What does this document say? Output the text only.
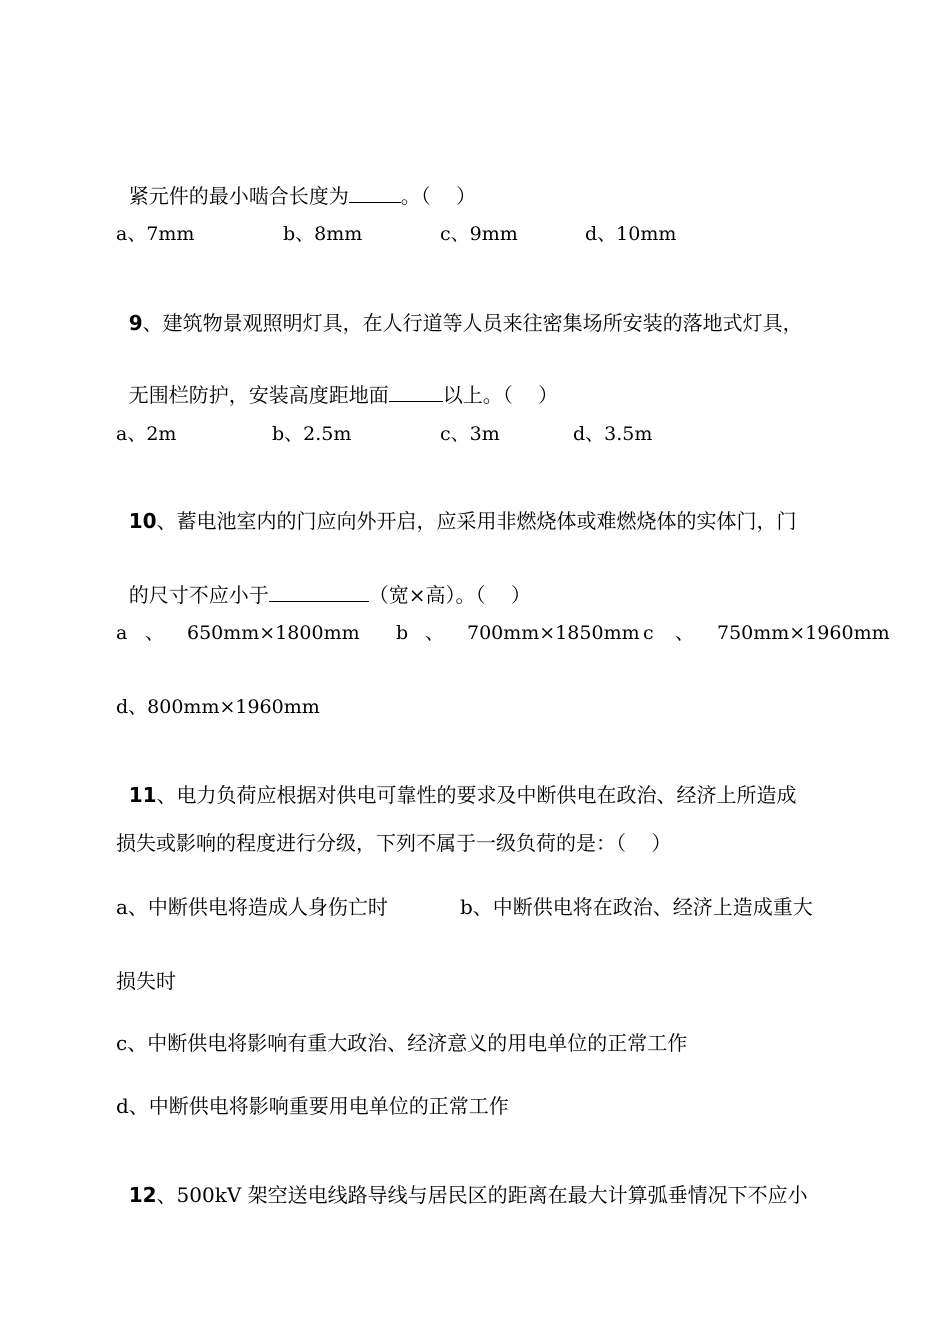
紧元件的最小啮合长度为	。（    ）

a、7mm	b、8mm	c、9mm	d、10mm

9、建筑物景观照明灯具，在人行道等人员来往密集场所安装的落地式灯具，

无围栏防护，安装高度距地面	以上。（    ）

a、2m	b、2.5m	c、3m	d、3.5m

10、蓄电池室内的门应向外开启，应采用非燃烧体或难燃烧体的实体门，门

的尺寸不应小于	（宽×高）。（    ）

a 、 650mm×1800mm b 、 700mm×1850mm c 、 750mm×1960mm
d、800mm×1960mm

11、电力负荷应根据对供电可靠性的要求及中断供电在政治、经济上所造成

损失或影响的程度进行分级，下列不属于一级负荷的是：（    ）
a、中断供电将造成人身伤亡时	b、中断供电将在政治、经济上造成重大
损失时
c、中断供电将影响有重大政治、经济意义的用电单位的正常工作
d、中断供电将影响重要用电单位的正常工作

12、500kV 架空送电线路导线与居民区的距离在最大计算弧垂情况下不应小
